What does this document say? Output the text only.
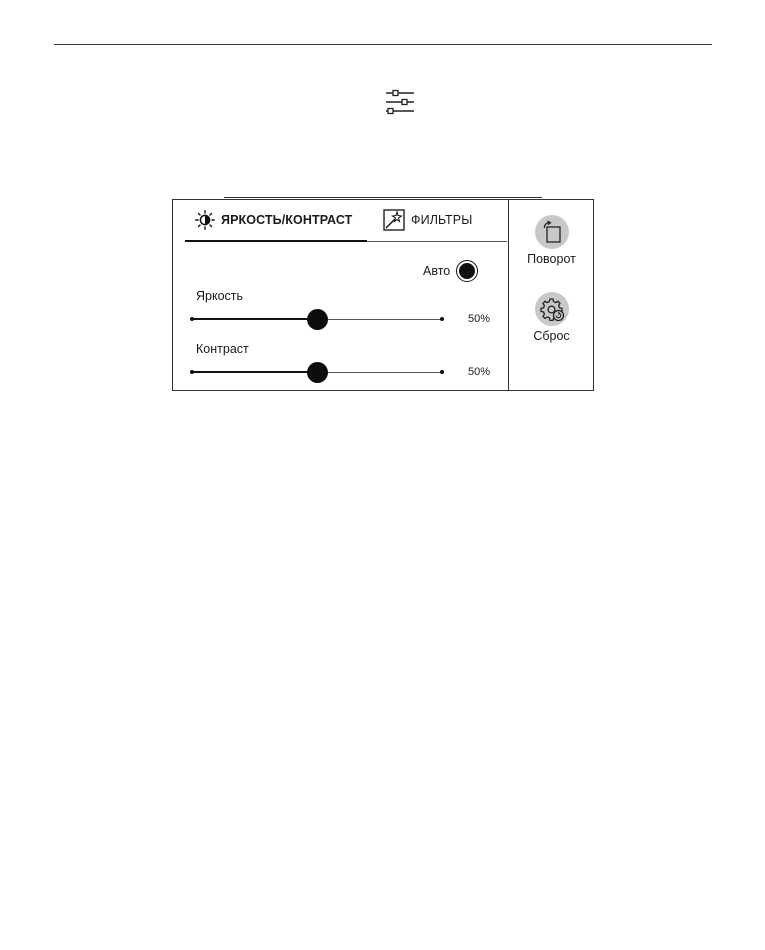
ЯРКОСТЬ/КОНТРАСТ	ФИЛЬТРЫ
Авто
Яркость
50%
Контраст
50%
Поворот
Сброс
